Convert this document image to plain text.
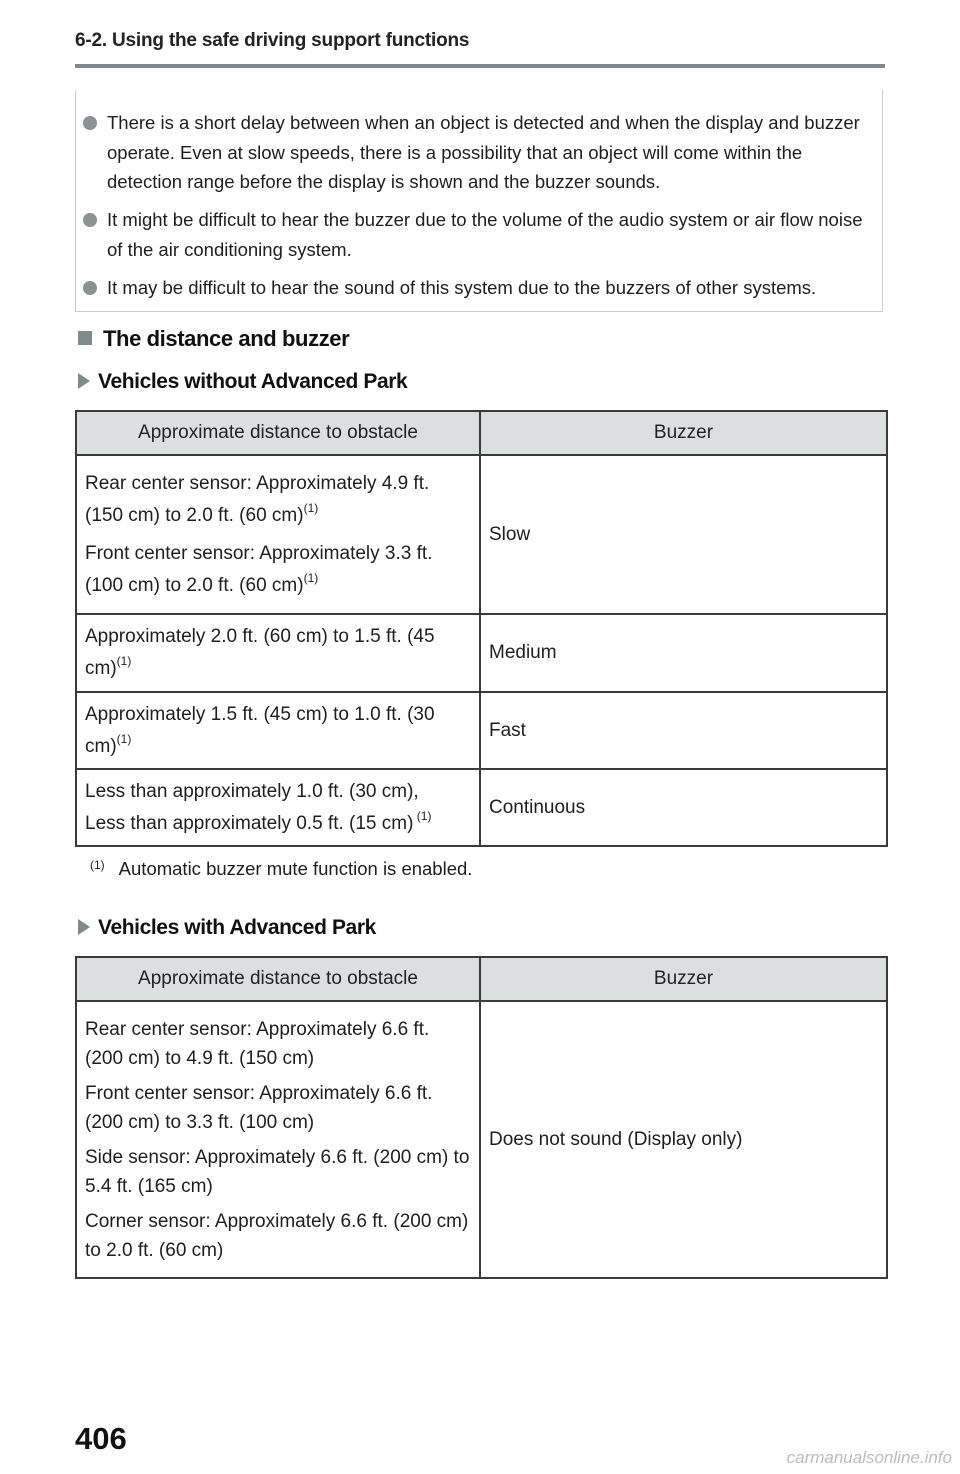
6-2. Using the safe driving support functions
There is a short delay between when an object is detected and when the display and buzzer operate. Even at slow speeds, there is a possibility that an object will come within the detection range before the display is shown and the buzzer sounds.
It might be difficult to hear the buzzer due to the volume of the audio system or air flow noise of the air conditioning system.
It may be difficult to hear the sound of this system due to the buzzers of other systems.
The distance and buzzer
Vehicles without Advanced Park
Approximate distance to obstacle	Buzzer

Rear center sensor: Approximately 4.9 ft. (150 cm) to 2.0 ft. (60 cm)$^{(1)}$

Front center sensor: Approximately 3.3 ft. (100 cm) to 2.0 ft. (60 cm)$^{(1)}$	Slow

Approximately 2.0 ft. (60 cm) to 1.5 ft. (45 cm)$^{(1)}$	Medium

Approximately 1.5 ft. (45 cm) to 1.0 ft. (30 cm)$^{(1)}$	Fast

Less than approximately 1.0 ft. (30 cm),

Less than approximately 0.5 ft. (15 cm) $^{(1)}$	Continuous
$^{(1)}$ Automatic buzzer mute function is enabled.
Vehicles with Advanced Park
Approximate distance to obstacle	Buzzer

Rear center sensor: Approximately 6.6 ft. (200 cm) to 4.9 ft. (150 cm)

Front center sensor: Approximately 6.6 ft. (200 cm) to 3.3 ft. (100 cm)

Side sensor: Approximately 6.6 ft. (200 cm) to 5.4 ft. (165 cm)

Corner sensor: Approximately 6.6 ft. (200 cm) to 2.0 ft. (60 cm)	Does not sound (Display only)
406
carmanualsonline.info
